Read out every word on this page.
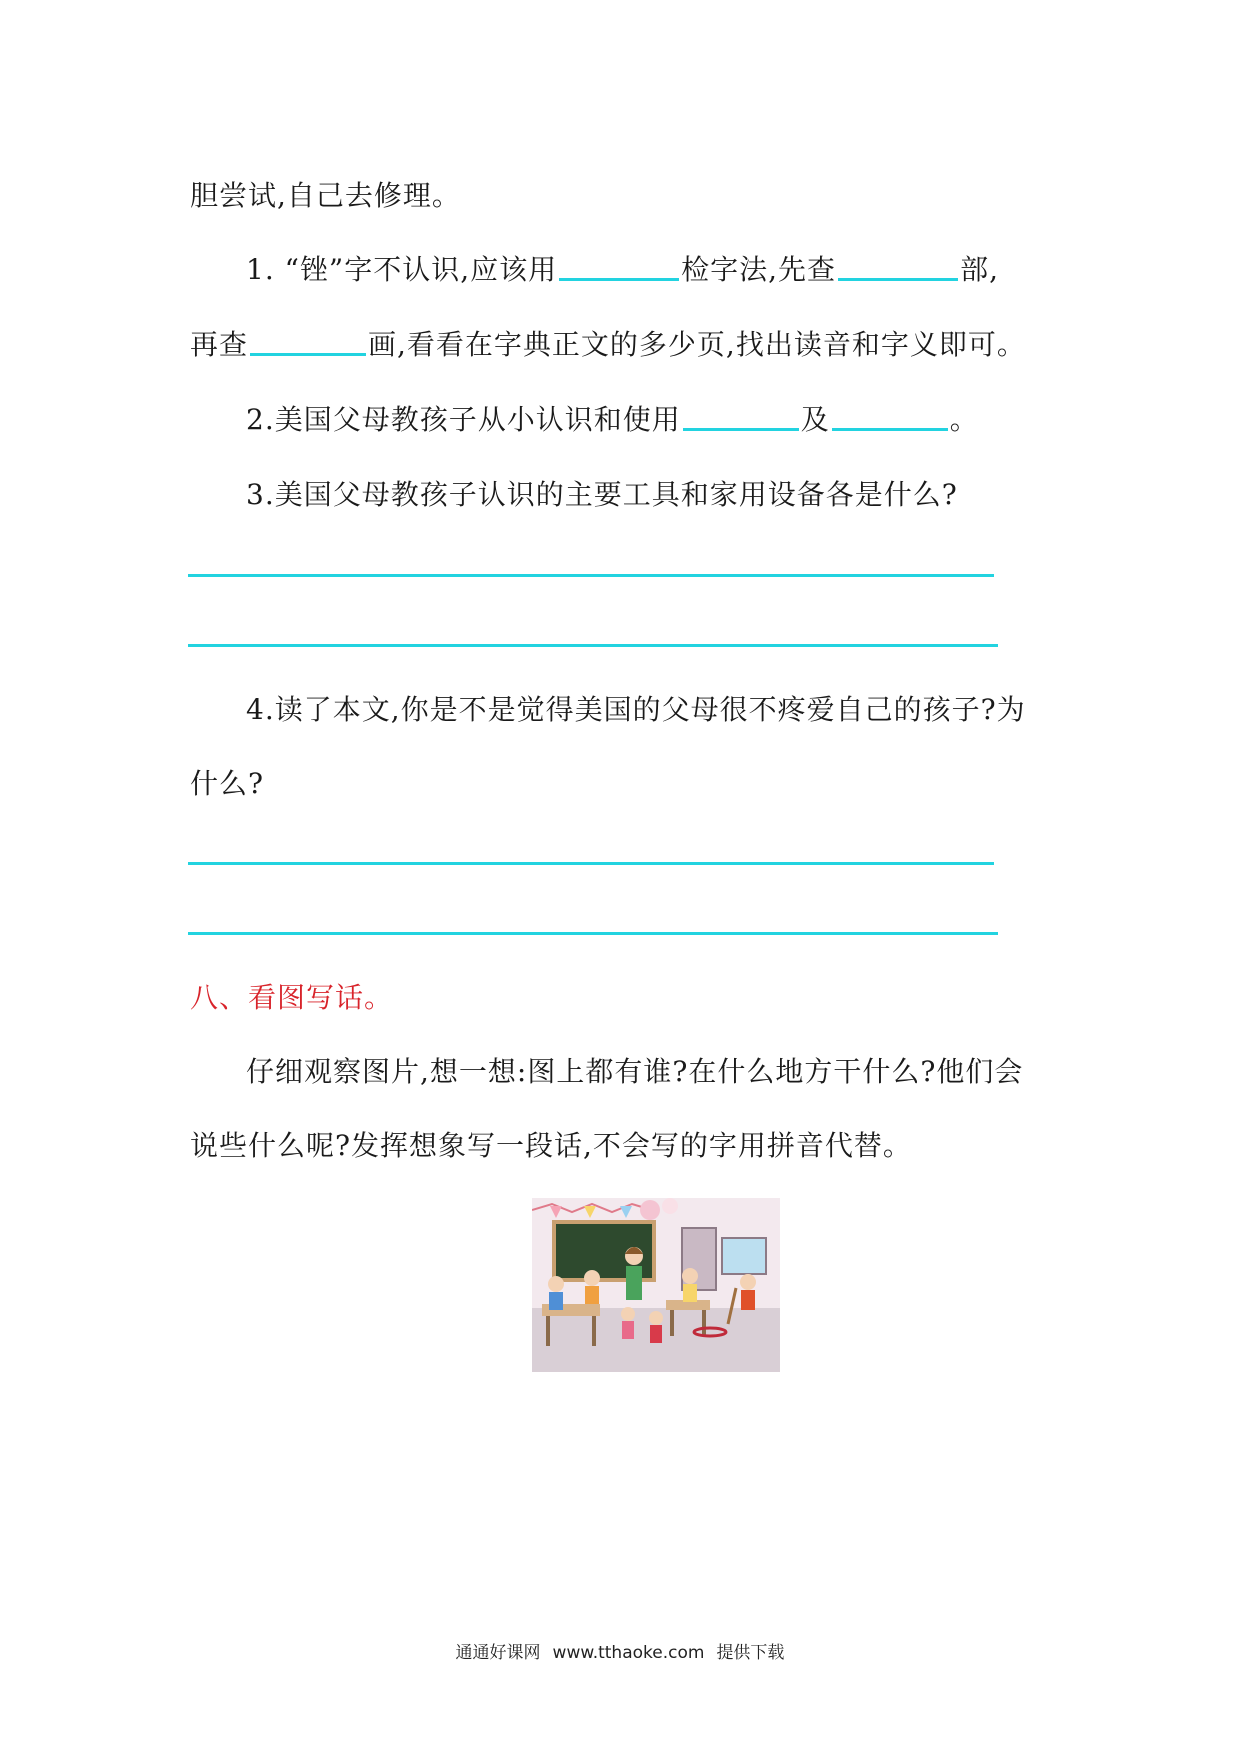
胆尝试,自己去修理。
1. “锉”字不认识,应该用	检字法,先查	部,
再查	画,看看在字典正文的多少页,找出读音和字义即可。
2.美国父母教孩子从小认识和使用	及	。
3.美国父母教孩子认识的主要工具和家用设备各是什么?
4.读了本文,你是不是觉得美国的父母很不疼爱自己的孩子?为
什么?
八、看图写话。
仔细观察图片,想一想:图上都有谁?在什么地方干什么?他们会
说些什么呢?发挥想象写一段话,不会写的字用拼音代替。
通通好课网 www.tthaoke.com 提供下载
